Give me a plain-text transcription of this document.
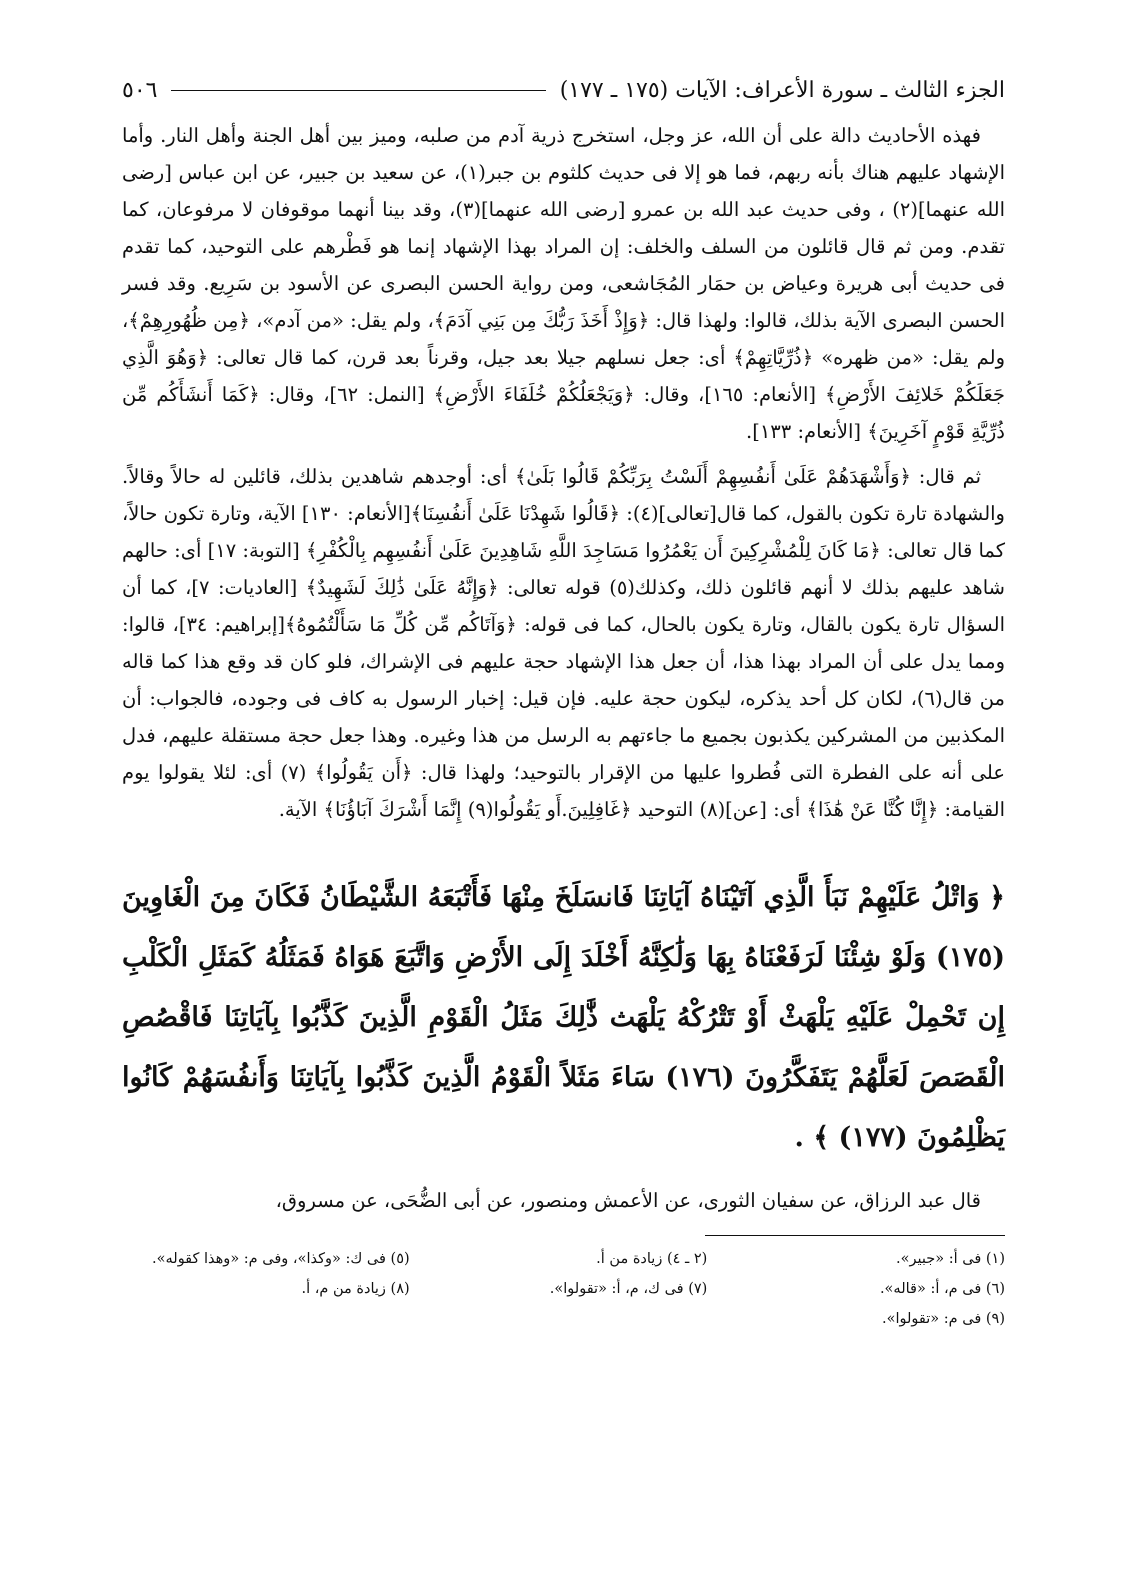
٥٠٦	الجزء الثالث ـ سورة الأعراف: الآيات (١٧٥ ـ ١٧٧)

فهذه الأحاديث دالة على أن الله، عز وجل، استخرج ذرية آدم من صلبه، وميز بين أهل الجنة وأهل النار. وأما الإشهاد عليهم هناك بأنه ربهم، فما هو إلا فى حديث كلثوم بن جبر(١)، عن سعيد بن جبير، عن ابن عباس [رضى الله عنهما](٢) ، وفى حديث عبد الله بن عمرو [رضى الله عنهما](٣)، وقد بينا أنهما موقوفان لا مرفوعان، كما تقدم. ومن ثم قال قائلون من السلف والخلف: إن المراد بهذا الإشهاد إنما هو فَطْرهم على التوحيد، كما تقدم فى حديث أبى هريرة وعياض بن حمَار المُجَاشعى، ومن رواية الحسن البصرى عن الأسود بن سَرِيع. وقد فسر الحسن البصرى الآية بذلك، قالوا: ولهذا قال: ﴿وَإِذْ أَخَذَ رَبُّكَ مِن بَنِي آدَمَ﴾، ولم يقل: «من آدم»، ﴿مِن ظُهُورِهِمْ﴾، ولم يقل: «من ظهره» ﴿ذُرِّيَّاتِهِمْ﴾ أى: جعل نسلهم جيلا بعد جيل، وقرناً بعد قرن، كما قال تعالى: ﴿وَهُوَ الَّذِي جَعَلَكُمْ خَلائِفَ الأَرْضِ﴾ [الأنعام: ١٦٥]، وقال: ﴿وَيَجْعَلُكُمْ خُلَفَاءَ الأَرْضِ﴾ [النمل: ٦٢]، وقال: ﴿كَمَا أَنشَأَكُم مِّن ذُرِّيَّةِ قَوْمٍ آخَرِينَ﴾ [الأنعام: ١٣٣].

ثم قال: ﴿وَأَشْهَدَهُمْ عَلَىٰ أَنفُسِهِمْ أَلَسْتُ بِرَبِّكُمْ قَالُوا بَلَىٰ﴾ أى: أوجدهم شاهدين بذلك، قائلين له حالاً وقالاً. والشهادة تارة تكون بالقول، كما قال[تعالى](٤): ﴿قَالُوا شَهِدْنَا عَلَىٰ أَنفُسِنَا﴾[الأنعام: ١٣٠] الآية، وتارة تكون حالاً، كما قال تعالى: ﴿مَا كَانَ لِلْمُشْرِكِينَ أَن يَعْمُرُوا مَسَاجِدَ اللَّهِ شَاهِدِينَ عَلَىٰ أَنفُسِهِم بِالْكُفْرِ﴾ [التوبة: ١٧] أى: حالهم شاهد عليهم بذلك لا أنهم قائلون ذلك، وكذلك(٥) قوله تعالى: ﴿وَإِنَّهُ عَلَىٰ ذَٰلِكَ لَشَهِيدٌ﴾ [العاديات: ٧]، كما أن السؤال تارة يكون بالقال، وتارة يكون بالحال، كما فى قوله: ﴿وَآتَاكُم مِّن كُلِّ مَا سَأَلْتُمُوهُ﴾[إبراهيم: ٣٤]، قالوا: ومما يدل على أن المراد بهذا هذا، أن جعل هذا الإشهاد حجة عليهم فى الإشراك، فلو كان قد وقع هذا كما قاله من قال(٦)، لكان كل أحد يذكره، ليكون حجة عليه. فإن قيل: إخبار الرسول به كاف فى وجوده، فالجواب: أن المكذبين من المشركين يكذبون بجميع ما جاءتهم به الرسل من هذا وغيره. وهذا جعل حجة مستقلة عليهم، فدل على أنه على الفطرة التى فُطروا عليها من الإقرار بالتوحيد؛ ولهذا قال: ﴿أَن يَقُولُوا﴾ (٧) أى: لئلا يقولوا يوم القيامة: ﴿إِنَّا كُنَّا عَنْ هَٰذَا﴾ أى: [عن](٨) التوحيد ﴿غَافِلِينَ.أَو يَقُولُوا(٩) إِنَّمَا أَشْرَكَ آبَاؤُنَا﴾ الآية.

﴿ وَاتْلُ عَلَيْهِمْ نَبَأَ الَّذِي آتَيْنَاهُ آيَاتِنَا فَانسَلَخَ مِنْهَا فَأَتْبَعَهُ الشَّيْطَانُ فَكَانَ مِنَ الْغَاوِينَ (١٧٥) وَلَوْ شِئْنَا لَرَفَعْنَاهُ بِهَا وَلَٰكِنَّهُ أَخْلَدَ إِلَى الأَرْضِ وَاتَّبَعَ هَوَاهُ فَمَثَلُهُ كَمَثَلِ الْكَلْبِ إِن تَحْمِلْ عَلَيْهِ يَلْهَثْ أَوْ تَتْرُكْهُ يَلْهَث ذَّٰلِكَ مَثَلُ الْقَوْمِ الَّذِينَ كَذَّبُوا بِآيَاتِنَا فَاقْصُصِ الْقَصَصَ لَعَلَّهُمْ يَتَفَكَّرُونَ (١٧٦) سَاءَ مَثَلاً الْقَوْمُ الَّذِينَ كَذَّبُوا بِآيَاتِنَا وَأَنفُسَهُمْ كَانُوا يَظْلِمُونَ (١٧٧) ﴾ .

قال عبد الرزاق، عن سفيان الثورى، عن الأعمش ومنصور، عن أبى الضُّحَى، عن مسروق،

(١) فى أ: «جبير».
(٢ ـ ٤) زيادة من أ.
(٥) فى ك: «وكذا»، وفى م: «وهذا كقوله».
(٦) فى م، أ: «قاله».
(٧) فى ك، م، أ: «تقولوا».
(٨) زيادة من م، أ.
(٩) فى م: «تقولوا».
